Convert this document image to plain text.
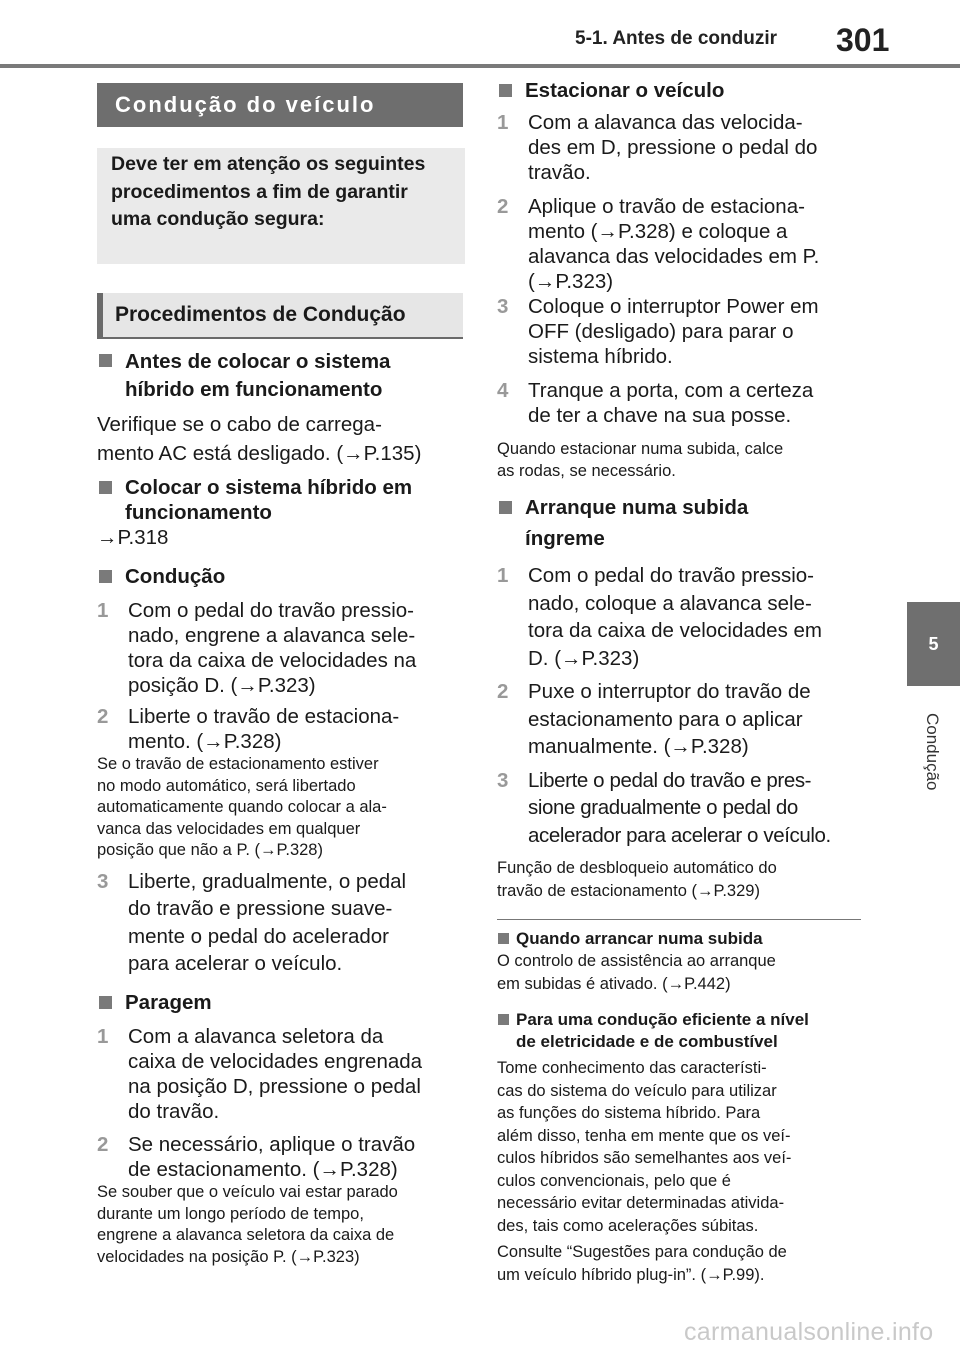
5-1. Antes de conduzir 301
5
Condução
Condução do veículo
Deve ter em atenção os seguintes procedimentos a fim de garantir uma condução segura:
Procedimentos de Condução
Antes de colocar o sistema
híbrido em funcionamento
Verifique se o cabo de carrega-
mento AC está desligado. (→P.135)
Colocar o sistema híbrido em
funcionamento
→P.318
Condução
1 Com o pedal do travão pressio-
nado, engrene a alavanca sele-
tora da caixa de velocidades na
posição D. (→P.323)
2 Liberte o travão de estaciona-
mento. (→P.328)
Se o travão de estacionamento estiver
no modo automático, será libertado
automaticamente quando colocar a ala-
vanca das velocidades em qualquer
posição que não a P. (→P.328)
3 Liberte, gradualmente, o pedal
do travão e pressione suave-
mente o pedal do acelerador
para acelerar o veículo.
Paragem
1 Com a alavanca seletora da
caixa de velocidades engrenada
na posição D, pressione o pedal
do travão.
2 Se necessário, aplique o travão
de estacionamento. (→P.328)
Se souber que o veículo vai estar parado
durante um longo período de tempo,
engrene a alavanca seletora da caixa de
velocidades na posição P. (→P.323)
Estacionar o veículo
1 Com a alavanca das velocida-
des em D, pressione o pedal do
travão.
2 Aplique o travão de estaciona-
mento (→P.328) e coloque a
alavanca das velocidades em P.
(→P.323)
3 Coloque o interruptor Power em
OFF (desligado) para parar o
sistema híbrido.
4 Tranque a porta, com a certeza
de ter a chave na sua posse.
Quando estacionar numa subida, calce
as rodas, se necessário.
Arranque numa subida
íngreme
1 Com o pedal do travão pressio-
nado, coloque a alavanca sele-
tora da caixa de velocidades em
D. (→P.323)
2 Puxe o interruptor do travão de
estacionamento para o aplicar
manualmente. (→P.328)
3 Liberte o pedal do travão e pres-
sione gradualmente o pedal do
acelerador para acelerar o veículo.
Função de desbloqueio automático do
travão de estacionamento (→P.329)
Quando arrancar numa subida
O controlo de assistência ao arranque
em subidas é ativado. (→P.442)
Para uma condução eficiente a nível
de eletricidade e de combustível
Tome conhecimento das característi-
cas do sistema do veículo para utilizar
as funções do sistema híbrido. Para
além disso, tenha em mente que os veí-
culos híbridos são semelhantes aos veí-
culos convencionais, pelo que é
necessário evitar determinadas ativida-
des, tais como acelerações súbitas.
Consulte “Sugestões para condução de
um veículo híbrido plug-in”. (→P.99).
carmanualsonline.info
